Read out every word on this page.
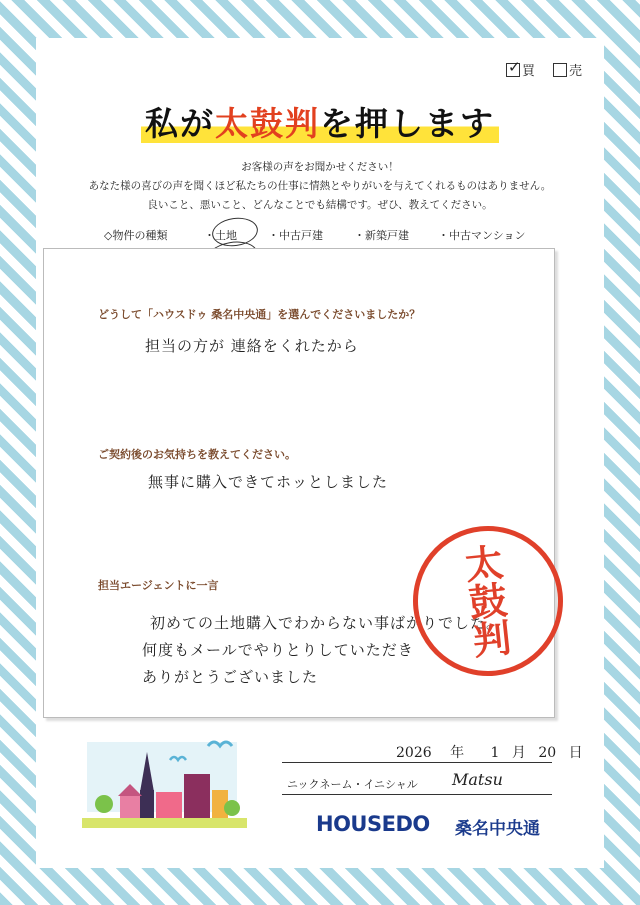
✓ 買	売
私が太鼓判を押します
お客様の声をお聞かせください！
あなた様の喜びの声を聞くほど私たちの仕事に情熱とやりがいを与えてくれるものはありません。
良いこと、悪いこと、どんなことでも結構です。ぜひ、教えてください。
◇物件の種類	・土地	・中古戸建	・新築戸建	・中古マンション
どうして「ハウスドゥ 桑名中央通」を選んでくださいましたか？
担当の方が 連絡をくれたから
ご契約後のお気持ちを教えてください。
無事に購入できてホッとしました
担当エージェントに一言
初めての土地購入でわからない事ばかりでした。
何度もメールでやりとりしていただき
ありがとうございました
太
鼓
判
2026 年 1 月 20 日
ニックネーム・イニシャル Matsu
HOUSEDO 桑名中央通
